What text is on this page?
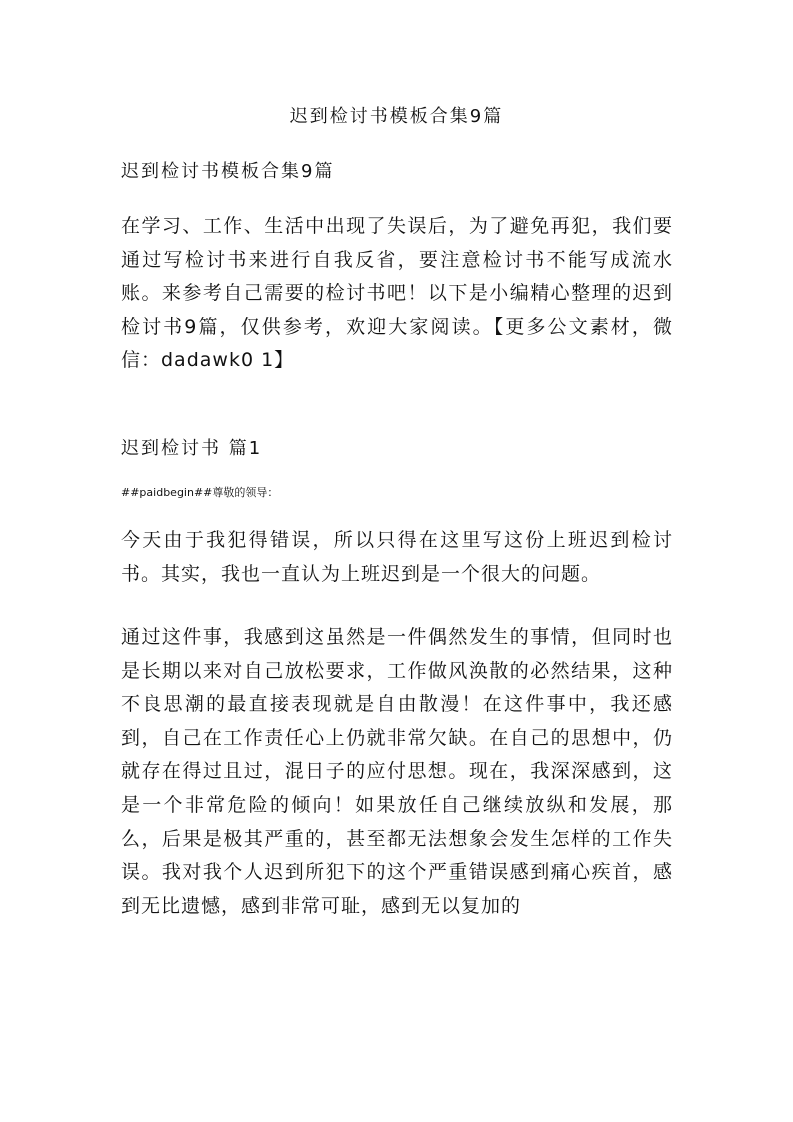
迟到检讨书模板合集9篇
迟到检讨书模板合集9篇

在学习、工作、生活中出现了失误后，为了避免再犯，我们要通过写检讨书来进行自我反省，要注意检讨书不能写成流水账。来参考自己需要的检讨书吧！以下是小编精心整理的迟到检讨书9篇，仅供参考，欢迎大家阅读。【更多公文素材，微信：dadawk0 1】

迟到检讨书 篇1
##paidbegin##尊敬的领导：

今天由于我犯得错误，所以只得在这里写这份上班迟到检讨书。其实，我也一直认为上班迟到是一个很大的问题。

通过这件事，我感到这虽然是一件偶然发生的事情，但同时也是长期以来对自己放松要求，工作做风涣散的必然结果，这种不良思潮的最直接表现就是自由散漫！在这件事中，我还感到，自己在工作责任心上仍就非常欠缺。在自己的思想中，仍就存在得过且过，混日子的应付思想。现在，我深深感到，这是一个非常危险的倾向！如果放任自己继续放纵和发展，那么，后果是极其严重的，甚至都无法想象会发生怎样的工作失误。我对我个人迟到所犯下的这个严重错误感到痛心疾首，感到无比遗憾，感到非常可耻，感到无以复加的
